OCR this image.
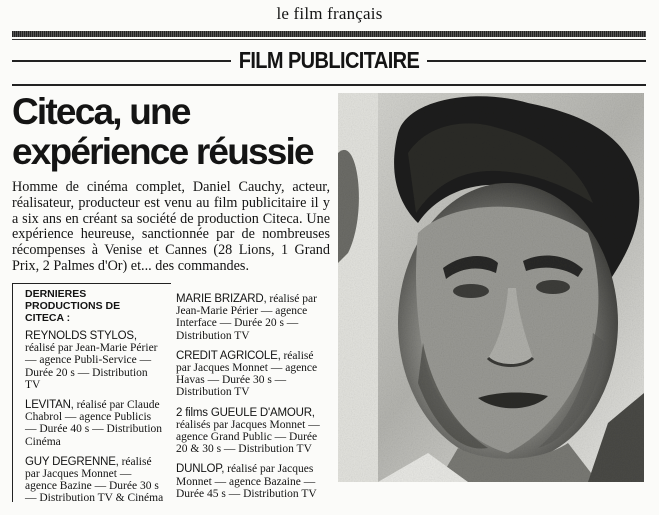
le film français
FILM PUBLICITAIRE
Citeca, une
expérience réussie
Homme de cinéma complet, Daniel Cauchy, acteur, réalisateur, producteur est venu au film publicitaire il y a six ans en créant sa société de production Citeca. Une expérience heureuse, sanctionnée par de nombreuses récompenses à Venise et Cannes (28 Lions, 1 Grand Prix, 2 Palmes d'Or) et... des commandes.
DERNIERES
PRODUCTIONS DE
CITECA :
REYNOLDS STYLOS, réalisé par Jean-Marie Périer — agence Publi-Service — Durée 20 s — Distribution TV
LEVITAN, réalisé par Claude Chabrol — agence Publicis — Durée 40 s — Distribution Cinéma
GUY DEGRENNE, réalisé par Jacques Monnet — agence Bazine — Durée 30 s — Distribution TV & Cinéma
MARIE BRIZARD, réalisé par Jean-Marie Périer — agence Interface — Durée 20 s — Distribution TV
CREDIT AGRICOLE, réalisé par Jacques Monnet — agence Havas — Durée 30 s — Distribution TV
2 films GUEULE D'AMOUR, réalisés par Jacques Monnet — agence Grand Public — Durée 20 & 30 s — Distribution TV
DUNLOP, réalisé par Jacques Monnet — agence Bazaine — Durée 45 s — Distribution TV
